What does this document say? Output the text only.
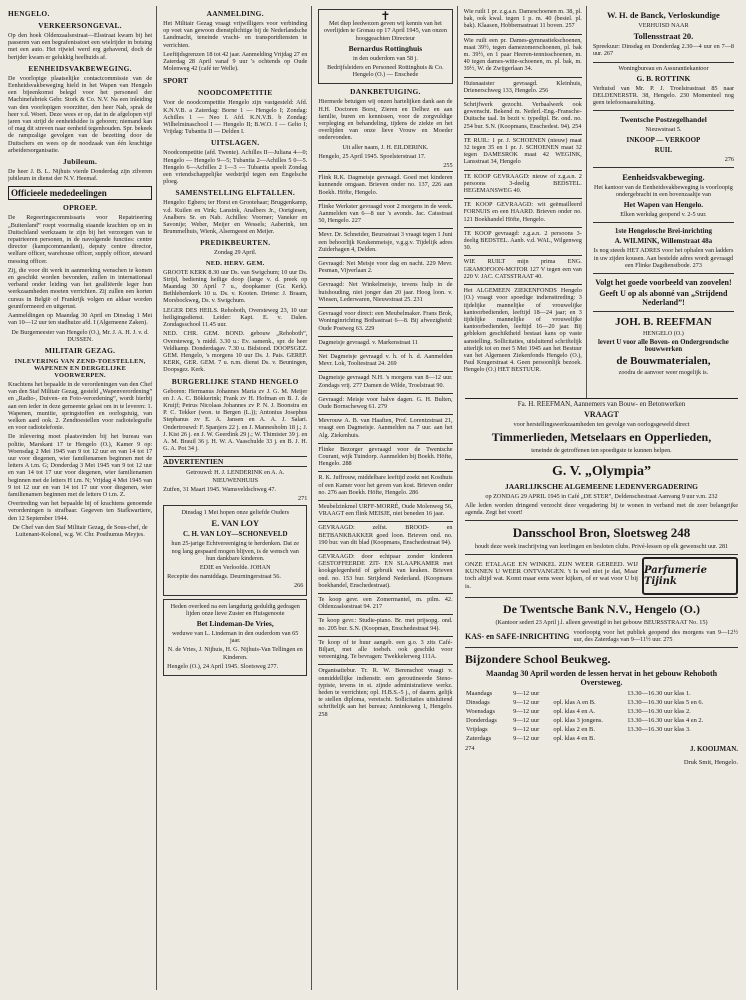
HENGELO.
VERKEERSONGEVAL.

Op den hoek Oldenzaalsestraat—Elsstraat kwam bij het passeren van een begrafenisstoet een wielrijder in botsing met een auto. Het rijwiel werd erg gehavend, doch de berijder kwam er gelukkig heelhuids af.

EENHEIDSVAKBEWEGING.

De voorlopige plaatselijke contactcommissie van de Eenheidsvakbeweging hield in het Wapen van Hengelo een bijeenkomst belegd voor het personeel der Machinefabriek Gebr. Stork & Co. N.V. Na een inleiding van den voorlopigen voorzitter, den heer Nab, sprak de heer v.d. Woert. Deze wees er op, dat in de afgelopen vijf jaren van strijd de eenheidsidee is geboren; niemand kan of mag dit streven naar eenheid tegenhouden. Spr. bekeek de rampzalige gevolgen van de bezetting door de Duitschers en wees op de noodzaak van één krachtige arbeidersorganisatie.

Jubileum.

De heer J. B. L. Nijhuis vierde Donderdag zijn zilveren jubileum in dienst der N.V. Heemaf.

Officieele mededeelingen
OPROEP.

De Regeeringscommissaris voor Repatrieering „Buitenland” roept voormalig staande krachten op en in Duitschland werkzaam te zijn bij het verzorgen van te repatrieeren personen, in de navolgende functies: centre director (kampcommandant), deputy centre director, welfare officer, warehouse officer, supply officer, steward messing officer.

Zij, die voor dit werk in aanmerking wenschen te komen en geschikt worden bevonden, zullen in internationaal verband onder leiding van het gealliëerde leger hun werkzaamheden moeten verrichten. Zij zullen een korten cursus in België of Frankrijk volgen en aldaar worden geuniformeerd en uitgerust.

Aanmeldingen op Maandag 30 April en Dinsdag 1 Mei van 10—12 uur ten stadhuize afd. I (Algemeene Zaken).

De Burgemeester van Hengelo (O.), Mr. J. A. H. J. v. d. DUSSEN.

MILITAIR GEZAG.
INLEVERING VAN ZEND-TOESTELLEN, WAPENEN EN DERGELIJKE VOORWERPEN.

Krachtens het bepaalde in de verordeningen van den Chef van den Staf Militair Gezag, gesteld „Wapenverordening” en „Radio-, Duiven- en Foto-verordening”, wordt hierbij aan een ieder in deze gemeente gelast om in te leveren: 1. Wapenen, munitie, springstoffen en oorlogstuig, van welken aard ook. 2. Zendtoestellen voor radiotelegrafie en voor radiotelefonie.

De inlevering moet plaatsvinden bij het bureau van politie, Marskant 17 te Hengelo (O.), Kamer 9 op: Woensdag 2 Mei 1945 van 9 tot 12 uur en van 14 tot 17 uur voor diegenen, wier familienamen beginnen met de letters A t.m. G; Donderdag 3 Mei 1945 van 9 tot 12 uur en van 14 tot 17 uur voor diegenen, wier familienamen beginnen met de letters H t.m. N; Vrijdag 4 Mei 1945 van 9 tot 12 uur en van 14 tot 17 uur voor diegenen, wier familienamen beginnen met de letters O t.m. Z.

Overtreding van het bepaalde bij of krachtens genoemde verordeningen is strafbaar. Gegeven ten Stafkwartiere, den 12 September 1944.

De Chef van den Staf Militair Gezag, de Sous-chef, de Luitenant-Kolonel, w.g. W. Chr. Posthumus Meyjes.

AANMELDING.

Het Militair Gezag vraagt vrijwilligers voor verbinding op voet van gewoon dienstplichtige bij de Nederlandsche Landmacht, teneinde vracht- en transportdiensten te verrichten.

Leeftijdsgrenzen 18 tot 42 jaar. Aanmelding Vrijdag 27 en Zaterdag 28 April vanaf 9 uur 's ochtends op Oude Molenweg 42 (café ter Welle).

SPORT
NOODCOMPETITIE

Voor de noodcompetitie Hengelo zijn vastgesteld: Afd. K.N.V.B. a Zaterdag: Borne 1 — Hengelo I; Zondag: Achilles 1 — Neo I. Afd. K.N.V.B. b Zondag: Wilhelminaschool I — Hengelo II; B.W.O. I — Gelto I; Vrijdag: Tubantia II — Delden I.

UITSLAGEN.

Noodcompetitie (afd. Twente). Achilles II—Juliana 4—0; Hengelo — Hengelo 9—5; Tubantia 2—Achilles 5 0—5. Hengelo 6—Achilles 2 1—3 — Tubantia speelt Zondag een vriendschappelijke wedstrijd tegen een Engelsche ploeg.

SAMENSTELLING ELFTALLEN.

Hengelo: Egbers; ter Horst en Grootehaar; Bruggenkamp, v.d. Kuilen en Vink; Lansink, Analbers Jr., Oortgiesen, Analbers Sr. en Nab. Achilles: Voorner; Vaneker en Savonije; Weber, Meijer en Wessels; Aaberink, ten Brummelhuis, Wienk, Alsemgeest en Meijer.

PREDIKBEURTEN.

Zondag 29 April.

NED. HERV. GEM.

GROOTE KERK 8.30 uur Ds. van Swigchum; 10 uur Ds. Strijd, bediening heilige doop (lange v. d. preek op Maandag 30 April 7 u., doopkamer (Gr. Kerk). Bethlehemkerk 10 u. Ds. v. Kooten. Driene: J. Braam, Morsbockweg, Ds. v. Swigchum.

LEGER DES HEILS. Rehoboth, Oversteweg 23, 10 uur heiligingsdienst. Leider: Kapt. E. v. Dalen. Zondagsschool 11.45 uur.

NED. CHR. GEM. BOND. gebouw „Rehoboth”, Oversteweg, 's midd. 3.30 u.: Ev. samenk., spr. de heer Veldkamp. Donderdagav. 7.30 u. Bidstond. DOOPSGEZ. GEM. Hengelo, 's morgens 10 uur Ds. J. Pais. GEREF. KERK, GER. GEM. 7 u. n.m. dienst Ds. v. Beuningen, Doopsgez. Kerk.

BURGERLIJKE STAND HENGELO

Geboren: Hermanus Johannes Maria zv J. G. M. Meijer en J. A. C. Bökkerink; Frank zv H. Hofman en B. J. de Kruijf; Petrus Nicolaas Johannes zv P. N. J. Boonstra en P. C. Tekker (won. te Bergen (L.)); Antonius Josephus Stephanus zv E. A. Jansen en A. A. J. Salari. Ondertrouwd: F. Spanjers 22 j. en J. Mannesholm 18 j.; J. J. Kist 26 j. en J. W. Geerdink 29 j.; W. Thimister 39 j. en A. M. Brauil 36 j. H. W. A. Vaaschulde 33 j. en B. J. H. G. A. Pot 34 j.

ADVERTENTIEN

Getrouwd: H. J. LENDERINK en A. A. NIEUWENHUIJS

Zutfen, 31 Maart 1945. Wamsveldschweg 47.

271

Dinsdag 1 Mei hopen onze geliefde Ouders

E. VAN LOY
C. H. VAN LOY—SCHONEVELD

hun 25-jarige Echtvereeniging te herdenken. Dat ze nog lang gespaard mogen blijven, is de wensch van hun dankbare kinderen.

EDIE en Verloofde. JOHAN

Receptie des namiddags. Deurningerstraat 56.

266

Heden overleed na een langdurig geduldig gedragen lijden onze lieve Zuster en Huisgenoote

Bet Lindeman-De Vries,

weduwe van L. Lindeman in den ouderdom van 65 jaar.

N. de Vries, J. Nijhuis, H. G. Nijhuis-Van Tellingen en Kinderen.

Hengelo (O.), 24 April 1945. Sloetsweg 277.

✝

Met diep leedwezen geven wij kennis van het overlijden te Gronau op 17 April 1945, van onzen hooggeachten Directeur

Bernardus Rottinghuis

in den ouderdom van 58 j.

Bedrijfsleiders en Personeel Rottinghuis & Co. Hengelo (O.) — Enschede

DANKBETUIGING.

Hiermede betuigen wij onzen hartelijken dank aan de H.H. Doctoren Borst, Zieren en Delhez en aan familie, buren en kennissen, voor de zorgvuldige verpleging en behandeling, tijdens de ziekte en het overlijden van onze lieve Vrouw en Moeder ondervonden.

Uit aller naam, J. H. EILDERINK.

Hengelo, 25 April 1945. Spoelsterstraat 17.

255

Flink R.K. Dagmeisje gevraagd. Goed met kinderen kunnende omgaan. Brieven onder no. 137, 226 aan Boekh. Höfte, Hengelo.

Flinke Werkster gevraagd voor 2 morgens in de week. Aanmelden van 6—8 uur 's avonds. Jac. Catsstraat 50, Hengelo. 227

Mevr. Dr. Schneider, Beursstraat 3 vraagt tegen 1 Juni een behoorlijk Keukenmeisje, v.g.g.v. Tijdelijk adres Zuiderhagen 4, Delden.

Gevraagd: Net Meisje voor dag en nacht. 229 Mevr. Pesman, Vijverlaan 2.

Gevraagd: Net Winkelmeisje, tevens hulp in de huishouding, niet jonger dan 20 jaar. Hoog loon. v. Winsen, Lederwaren, Nieuwstraat 25. 231

Gevraagd voor direct: een Meubelmaker. Frans Brok, Woninginrichting Bothastraat 6—8. Bij afwezigheid: Oude Postweg 63. 229

Dagmeisje gevraagd. v. Markenstraat 11

Net Dagmeisje gevraagd v. h. of h. d. Aanmelden Mevr. Lok, Tooltestraat 24. 269

Dagmeisje gevraagd N.H. 's morgens van 8—12 uur. Zondags vrij. 277 Damen de Wilde, Troelstraat 90.

Gevraagd: Meisje voor halve dagen. G. H. Bulten, Oude Bornscheweg 61. 279

Mevrouw A. B. van Haaften, Prof. Lorentzstraat 21, vraagt een Dagmeisje. Aanmelden na 7 uur. aan het Alg. Ziekenhuis.

Flinke Bezorger gevraagd voor de Twentsche Courant, wijk Tuindorp. Aanmelden bij Boekh. Höfte, Hengelo. 288

R. K. Juffrouw, middelbare leeftijd zoekt net Kosthuis of een Kamer voor het geven van kost. Brieven onder no. 276 aan Boekh. Höfte, Hengelo. 286

Meubelzinkmel URFF-MORRÉ, Oude Molenweg 56, VRAAGT een flink MEISJE, niet beneden 16 jaar.

GEVRAAGD: zelfst. BROOD- en BETBANKBAKKER goed loon. Brieven ond. no. 190 bur. van dit blad (Koopmans, Enschedestraat 94).

GEVRAAGD: door echtpaar zonder kinderen GESTOFFEERDE ZIT- EN SLAAPKAMER met kookgelegenheid of gebruik van keuken. Brieven ond. no. 153 bur. Strijdend Nederland. (Koopmans boekhandel, Enschedestraat).

Te koop gevr. een Zomermantel, m. pilm. 42. Oldenzaalsestraat 94. 217

Te koop gevr.: Studie-piano. Br. met prijsopg. ond. no. 205 bur. S.N. (Koopman, Enschedestraat 94).

Te koop of te huur aangeb. een g.o. 3 zits Café-Biljart, met alle toebeh. ook geschikt voor vereeniging. Te bevragen: Twekkelerweg 111A.

Organisatiebur. Tr. R. W. Berenschot vraagt v. onmiddellijke indiensttr. een geroutineerde Steno-typiste, tevens in st. zijnde administratieve werkz. heden te verrichten; opl. H.B.S.-5 j., of daarm. gelijk te stellen diploma, vereischt. Sollicitaties uitsluitend schriftelijk aan het bureau; Anninksweg 1, Hengelo. 258

Wie ruilt 1 pr. z.g.a.n. Dameschoenen m. 38, pl. bak, ook kwal. tegen 1 p. m. 40 (bestel. pl. bak). Klaasen, Hobbemastraat 11 boven. 257

Wie ruilt een pr. Dames-gymnastiekschoenen, maat 39½, tegen damezomerschoenen, pl. bak m. 39½, en 1 paar Heeren-tennisschoenen, m. 40 tegen dames-witte-schoenen, m. pl. bak, m. 39½, W. de Zwijgerlaan 34.

Huisnaaister gevraagd. Kleinhuis, Drienerschweg 133, Hengelo. 256

Schrijfwerk gezocht. Verbaalwerk ook gewenscht. Bekend m. Nederl.-Eng.-Fransche-Duitsche taal. In bezit v. typedipl. Br. ond. no. 254 bur. S.N. (Koopmans, Enschedest. 94). 254

TE RUIL: 1 pr. J. SCHOENEN (nieuw) maat 32 tegen 35 en 1 pr. J. SCHOENEN maat 32 tegen DAMESROK maat 42 WEGINK, Lansstraat 34, Hengelo

TE KOOP GEVRAAGD: nieuw of z.g.a.n. 2 persoons 3-deelig BEDSTEL. HEGEMANSWEG 40.

TE KOOP GEVRAAGD: wit geëmailleerd FORNUIS en een HAARD. Brieven onder no. 121 Boekhandel Höfte, Hengelo.

TE KOOP gevraagd: z.g.a.n. 2 persoons 3-deelig BEDSTEL. Aanb. v.d. WAL, Wilgenweg 30.

WIE RUILT mijn prima ENG. GRAMOFOON-MOTOR 127 V tegen een van 220 V. JAC. CATSSTRAAT 40.

Het ALGEMEEN ZIEKENFONDS Hengelo (O.) vraagt voor spoedige indiensttreding: 3 tijdelijke mannelijke of vrouwelijke kantoorbedienden, leeftijd 18—24 jaar; en 3 tijdelijke mannelijke of vrouwelijke kantoorbedienden, leeftijd 16—20 jaar. Bij gebleken geschiktheid bestaat kans op vaste aanstelling. Sollicitaties, uitsluitend schriftelijk uiterlijk tot en met 5 Mei 1945 aan het Bestuur van het Algemeen Ziekenfonds Hengelo (O.), Paul Krugerstraat 4. Geen persoonlijk bezoek. Hengelo (O.) HET BESTUUR.

W. H. de Banck, Verloskundige

VERHUISD NAAR

Tollensstraat 20.

Spreekuur: Dinsdag en Donderdag 2.30—4 uur en 7—8 uur. 267

Woningbureau en Assurantiekantoor

G. B. ROTTINK

Verhuisd van Mr. P. J. Troelstrastraat 85 naar DELDENERSTR. 38, Hengelo. 230 Momenteel nog geen telefoonaansluiting.

Twentsche Postzegelhandel

Nieuwstraat 5.

INKOOP — VERKOOP
RUIL

276

Eenheidsvakbeweging.

Het kantoor van de Eenheidsvakbeweging is voorloopig ondergebracht in een bovenzaaltje van

Het Wapen van Hengelo.

Elken werkdag geopend v. 2-5 uur.

1ste Hengelosche Brei-inrichting
A. WILMINK, Willemstraat 48a

Is nog steeds HET ADRES voor het ophalen van ladders in uw zijden kousen. Aan bestelde adres wordt gevraagd een Flinke Dagdienstbode. 273

Volgt het goede voorbeeld van zoovelen!
Geeft U op als abonné van „Strijdend Nederland”!
JOH. B. REEFMAN

HENGELO (O.)

levert U voor alle Boven- en Ondergrondsche bouwwerken
de Bouwmaterialen,

zoodra de aanvoer weer mogelijk is.

Fa. H. REEFMAN, Aannemers van Bouw- en Betonwerken

VRAAGT

voor herstellingswerkzaamheden ten gevolge van oorlogsgeweld direct

Timmerlieden, Metselaars en Opperlieden,

teneinde de getroffenen ten spoedigste te kunnen helpen.

G. V. „Olympia”
JAARLIJKSCHE ALGEMEENE LEDENVERGADERING

op ZONDAG 29 APRIL 1945 in Café „DE STER”, Deldenschestraat Aanvang 9 uur v.m. 232

Alle leden worden dringend verzocht deze vergadering bij te wonen in verband met de zeer belangrijke agenda. Zegt het voort!

Dansschool Bron, Sloetsweg 248

houdt deze week inschrijving van leerlingen en besloten clubs. Privé-lessen op elk gewenscht uur. 281

ONZE ETALAGE EN WINKEL ZIJN WEER GEREED. WIJ KUNNEN U WEER ONTVANGEN. 't Is wel niet je dat, Maar toch altijd wat. Komt maar eens weer kijken, of er wat voor U bij is.

Parfumerie Tijink
De Twentsche Bank N.V., Hengelo (O.)

(Kantoor sedert 23 April j.l. alleen gevestigd in het gebouw BEURSSTRAAT No. 15)

KAS- en SAFE-INRICHTING

voorloopig voor het publiek geopend des morgens van 9—12½ uur, des Zaterdags van 9—11½ uur. 275

Bijzondere School Beukweg.
Maandag 30 April worden de lessen hervat in het gebouw Rehoboth Oversteweg.
Maandags	9—12 uur		13.30—16.30 uur klas 1.
Dinsdags	9—12 uur	opl. klas A en B.	13.30—16.30 uur klas 5 en 6.
Woensdags	9—12 uur	opl. klas 4 en A.	13.30—16.30 uur klas 2.
Donderdags	9—12 uur	opl. klas 3 jongens.	13.30—16.30 uur klas 4 en 2.
Vrijdags	9—12 uur	opl. klas 2 en B.	13.30—16.30 uur klas 3.
Zaterdags	9—12 uur	opl. klas 4 en B.	
274	J. KOOIJMAN.
Druk Smit, Hengelo.
